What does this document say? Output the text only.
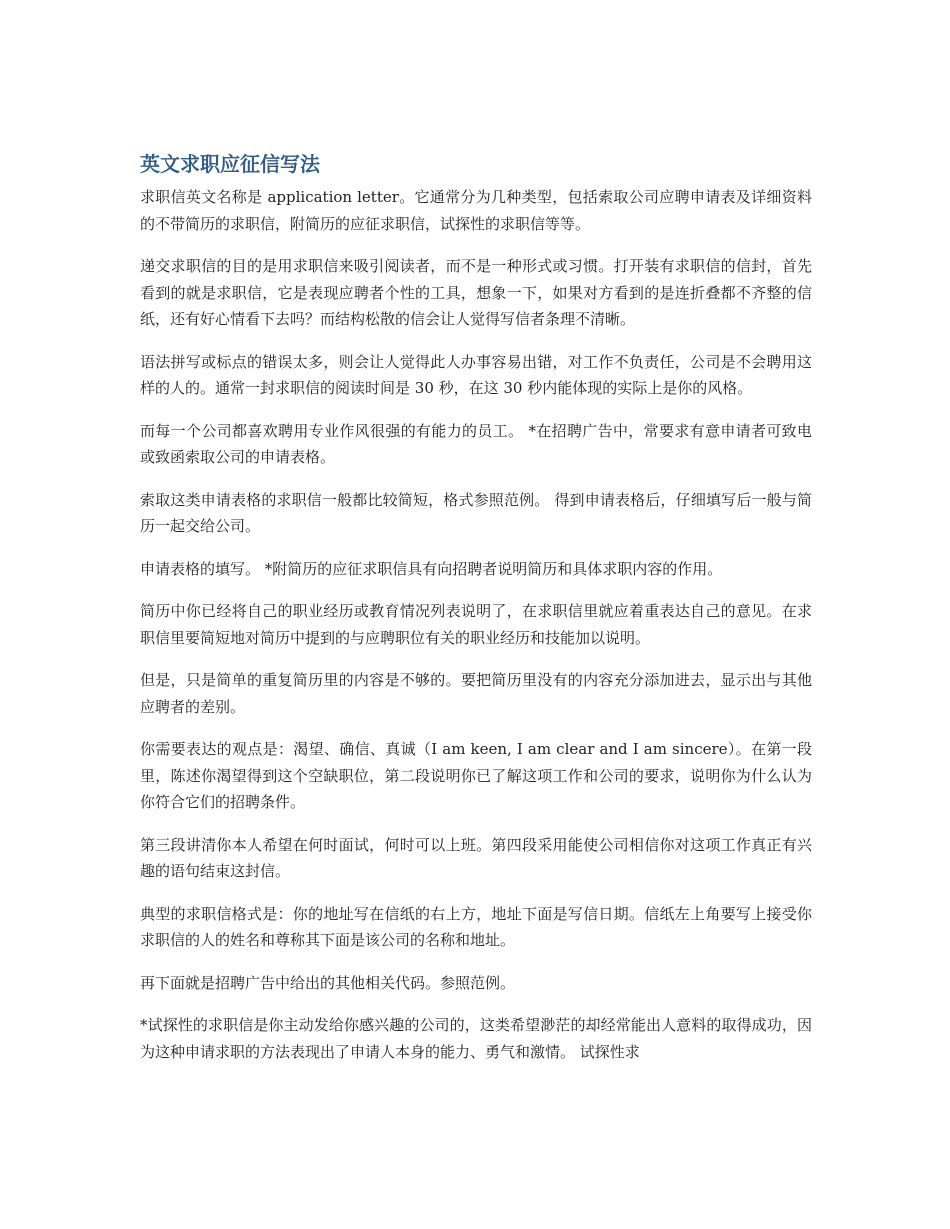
英文求职应征信写法

求职信英文名称是 application letter。它通常分为几种类型，包括索取公司应聘申请表及详细资料的不带简历的求职信，附简历的应征求职信，试探性的求职信等等。

递交求职信的目的是用求职信来吸引阅读者，而不是一种形式或习惯。打开装有求职信的信封，首先看到的就是求职信，它是表现应聘者个性的工具，想象一下，如果对方看到的是连折叠都不齐整的信纸，还有好心情看下去吗？而结构松散的信会让人觉得写信者条理不清晰。

语法拼写或标点的错误太多，则会让人觉得此人办事容易出错，对工作不负责任，公司是不会聘用这样的人的。通常一封求职信的阅读时间是 30 秒，在这 30 秒内能体现的实际上是你的风格。

而每一个公司都喜欢聘用专业作风很强的有能力的员工。 *在招聘广告中，常要求有意申请者可致电或致函索取公司的申请表格。

索取这类申请表格的求职信一般都比较简短，格式参照范例。 得到申请表格后，仔细填写后一般与简历一起交给公司。

申请表格的填写。 *附简历的应征求职信具有向招聘者说明简历和具体求职内容的作用。

简历中你已经将自己的职业经历或教育情况列表说明了，在求职信里就应着重表达自己的意见。在求职信里要简短地对简历中提到的与应聘职位有关的职业经历和技能加以说明。

但是，只是简单的重复简历里的内容是不够的。要把简历里没有的内容充分添加进去，显示出与其他应聘者的差别。

你需要表达的观点是：渴望、确信、真诚（I am keen, I am clear and I am sincere）。在第一段里，陈述你渴望得到这个空缺职位，第二段说明你已了解这项工作和公司的要求，说明你为什么认为你符合它们的招聘条件。

第三段讲清你本人希望在何时面试，何时可以上班。第四段采用能使公司相信你对这项工作真正有兴趣的语句结束这封信。

典型的求职信格式是：你的地址写在信纸的右上方，地址下面是写信日期。信纸左上角要写上接受你求职信的人的姓名和尊称其下面是该公司的名称和地址。

再下面就是招聘广告中给出的其他相关代码。参照范例。

*试探性的求职信是你主动发给你感兴趣的公司的，这类希望渺茫的却经常能出人意料的取得成功，因为这种申请求职的方法表现出了申请人本身的能力、勇气和激情。 试探性求
